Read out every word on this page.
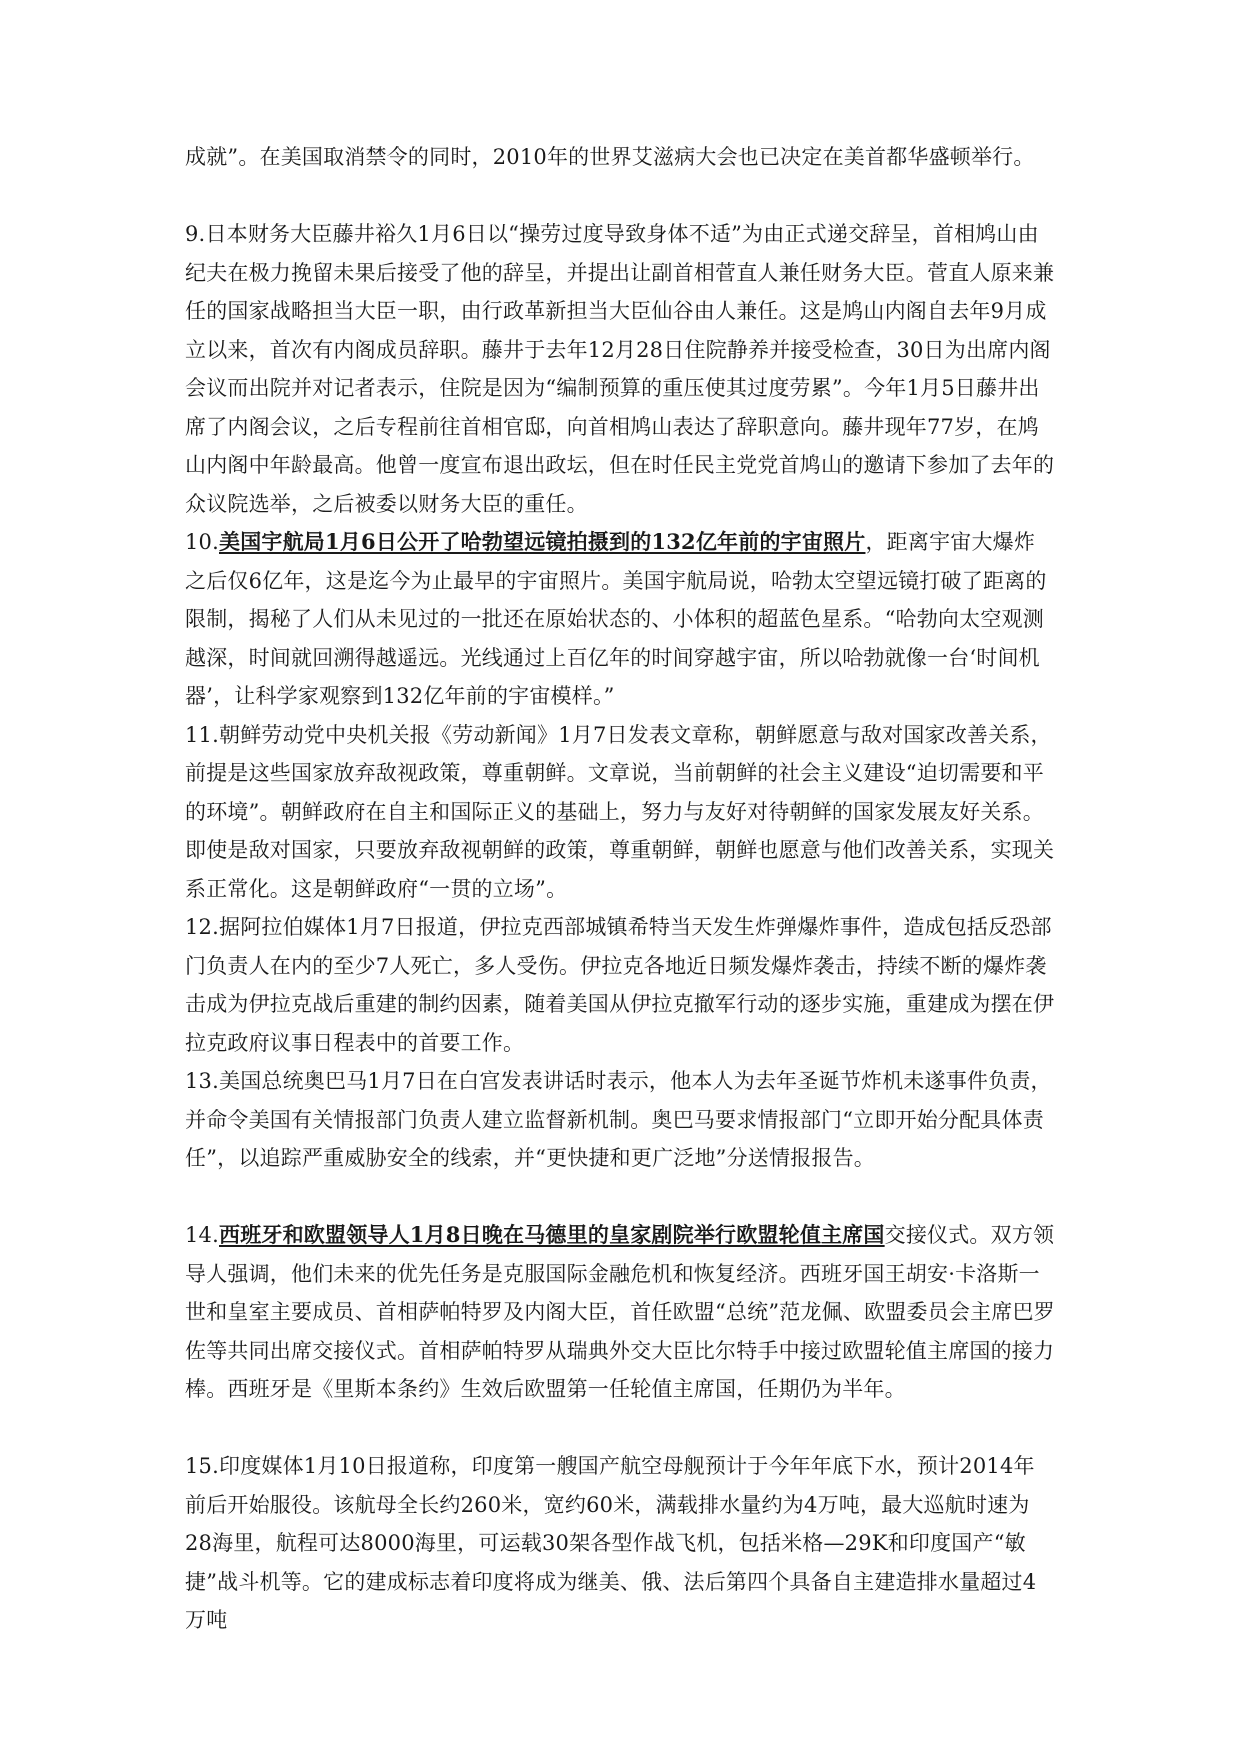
成就”。在美国取消禁令的同时，2010年的世界艾滋病大会也已决定在美首都华盛顿举行。

9.日本财务大臣藤井裕久1月6日以“操劳过度导致身体不适”为由正式递交辞呈，首相鸠山由纪夫在极力挽留未果后接受了他的辞呈，并提出让副首相菅直人兼任财务大臣。菅直人原来兼任的国家战略担当大臣一职，由行政革新担当大臣仙谷由人兼任。这是鸠山内阁自去年9月成立以来，首次有内阁成员辞职。藤井于去年12月28日住院静养并接受检查，30日为出席内阁会议而出院并对记者表示，住院是因为“编制预算的重压使其过度劳累”。今年1月5日藤井出席了内阁会议，之后专程前往首相官邸，向首相鸠山表达了辞职意向。藤井现年77岁，在鸠山内阁中年龄最高。他曾一度宣布退出政坛，但在时任民主党党首鸠山的邀请下参加了去年的众议院选举，之后被委以财务大臣的重任。

10.美国宇航局1月6日公开了哈勃望远镜拍摄到的132亿年前的宇宙照片，距离宇宙大爆炸之后仅6亿年，这是迄今为止最早的宇宙照片。美国宇航局说，哈勃太空望远镜打破了距离的限制，揭秘了人们从未见过的一批还在原始状态的、小体积的超蓝色星系。“哈勃向太空观测越深，时间就回溯得越遥远。光线通过上百亿年的时间穿越宇宙，所以哈勃就像一台‘时间机器’，让科学家观察到132亿年前的宇宙模样。”

11.朝鲜劳动党中央机关报《劳动新闻》1月7日发表文章称，朝鲜愿意与敌对国家改善关系，前提是这些国家放弃敌视政策，尊重朝鲜。文章说，当前朝鲜的社会主义建设“迫切需要和平的环境”。朝鲜政府在自主和国际正义的基础上，努力与友好对待朝鲜的国家发展友好关系。即使是敌对国家，只要放弃敌视朝鲜的政策，尊重朝鲜，朝鲜也愿意与他们改善关系，实现关系正常化。这是朝鲜政府“一贯的立场”。

12.据阿拉伯媒体1月7日报道，伊拉克西部城镇希特当天发生炸弹爆炸事件，造成包括反恐部门负责人在内的至少7人死亡，多人受伤。伊拉克各地近日频发爆炸袭击，持续不断的爆炸袭击成为伊拉克战后重建的制约因素，随着美国从伊拉克撤军行动的逐步实施，重建成为摆在伊拉克政府议事日程表中的首要工作。

13.美国总统奥巴马1月7日在白宫发表讲话时表示，他本人为去年圣诞节炸机未遂事件负责，并命令美国有关情报部门负责人建立监督新机制。奥巴马要求情报部门“立即开始分配具体责任”，以追踪严重威胁安全的线索，并“更快捷和更广泛地”分送情报报告。

14.西班牙和欧盟领导人1月8日晚在马德里的皇家剧院举行欧盟轮值主席国交接仪式。双方领导人强调，他们未来的优先任务是克服国际金融危机和恢复经济。西班牙国王胡安·卡洛斯一世和皇室主要成员、首相萨帕特罗及内阁大臣，首任欧盟“总统”范龙佩、欧盟委员会主席巴罗佐等共同出席交接仪式。首相萨帕特罗从瑞典外交大臣比尔特手中接过欧盟轮值主席国的接力棒。西班牙是《里斯本条约》生效后欧盟第一任轮值主席国，任期仍为半年。

15.印度媒体1月10日报道称，印度第一艘国产航空母舰预计于今年年底下水，预计2014年前后开始服役。该航母全长约260米，宽约60米，满载排水量约为4万吨，最大巡航时速为28海里，航程可达8000海里，可运载30架各型作战飞机，包括米格—29K和印度国产“敏捷”战斗机等。它的建成标志着印度将成为继美、俄、法后第四个具备自主建造排水量超过4万吨
